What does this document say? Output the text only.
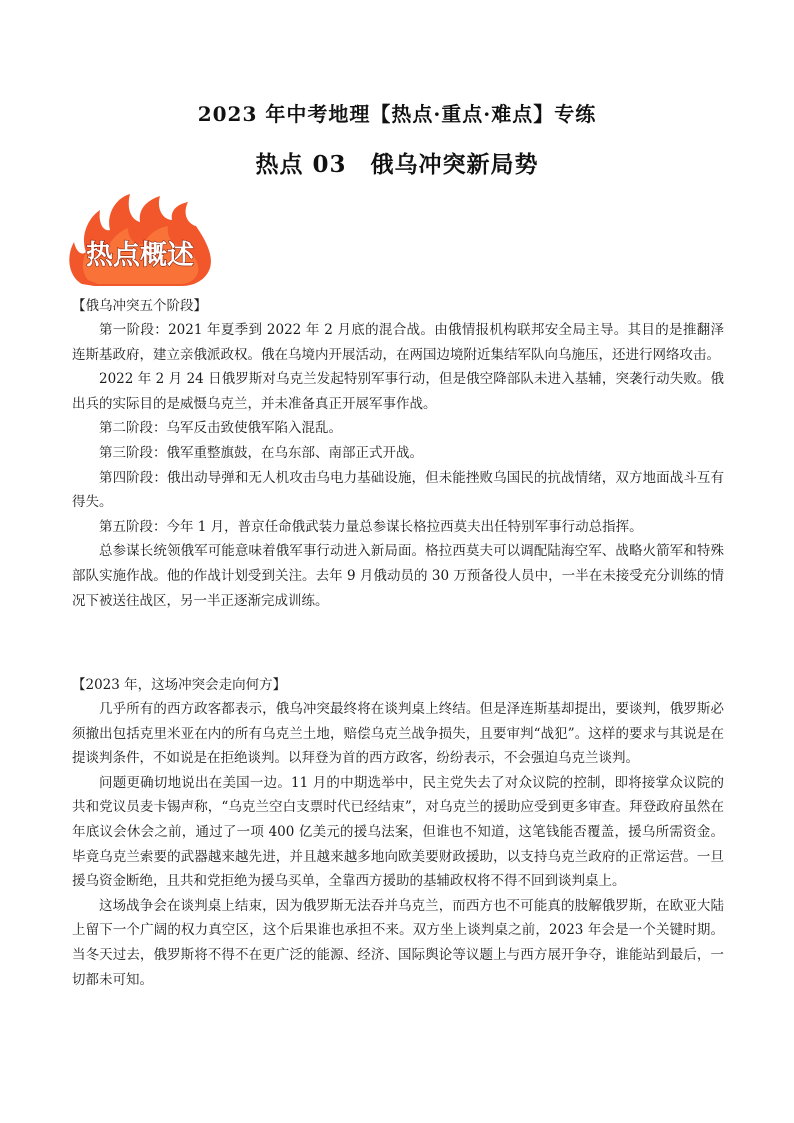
2023 年中考地理【热点·重点·难点】专练
热点 03　俄乌冲突新局势
热点概述

【俄乌冲突五个阶段】

第一阶段：2021 年夏季到 2022 年 2 月底的混合战。由俄情报机构联邦安全局主导。其目的是推翻泽连斯基政府，建立亲俄派政权。俄在乌境内开展活动，在两国边境附近集结军队向乌施压，还进行网络攻击。

2022 年 2 月 24 日俄罗斯对乌克兰发起特别军事行动，但是俄空降部队未进入基辅，突袭行动失败。俄出兵的实际目的是威慑乌克兰，并未准备真正开展军事作战。

第二阶段：乌军反击致使俄军陷入混乱。

第三阶段：俄军重整旗鼓，在乌东部、南部正式开战。

第四阶段：俄出动导弹和无人机攻击乌电力基础设施，但未能挫败乌国民的抗战情绪，双方地面战斗互有得失。

第五阶段：今年 1 月，普京任命俄武装力量总参谋长格拉西莫夫出任特别军事行动总指挥。

总参谋长统领俄军可能意味着俄军事行动进入新局面。格拉西莫夫可以调配陆海空军、战略火箭军和特殊部队实施作战。他的作战计划受到关注。去年 9 月俄动员的 30 万预备役人员中，一半在未接受充分训练的情况下被送往战区，另一半正逐渐完成训练。

【2023 年，这场冲突会走向何方】

几乎所有的西方政客都表示，俄乌冲突最终将在谈判桌上终结。但是泽连斯基却提出，要谈判，俄罗斯必须撤出包括克里米亚在内的所有乌克兰土地，赔偿乌克兰战争损失，且要审判“战犯”。这样的要求与其说是在提谈判条件，不如说是在拒绝谈判。以拜登为首的西方政客，纷纷表示，不会强迫乌克兰谈判。

问题更确切地说出在美国一边。11 月的中期选举中，民主党失去了对众议院的控制，即将接掌众议院的共和党议员麦卡锡声称，“乌克兰空白支票时代已经结束”，对乌克兰的援助应受到更多审查。拜登政府虽然在年底议会休会之前，通过了一项 400 亿美元的援乌法案，但谁也不知道，这笔钱能否覆盖，援乌所需资金。毕竟乌克兰索要的武器越来越先进，并且越来越多地向欧美要财政援助，以支持乌克兰政府的正常运营。一旦援乌资金断绝，且共和党拒绝为援乌买单，全靠西方援助的基辅政权将不得不回到谈判桌上。

这场战争会在谈判桌上结束，因为俄罗斯无法吞并乌克兰，而西方也不可能真的肢解俄罗斯，在欧亚大陆上留下一个广阔的权力真空区，这个后果谁也承担不来。双方坐上谈判桌之前，2023 年会是一个关键时期。当冬天过去，俄罗斯将不得不在更广泛的能源、经济、国际舆论等议题上与西方展开争夺，谁能站到最后，一切都未可知。
